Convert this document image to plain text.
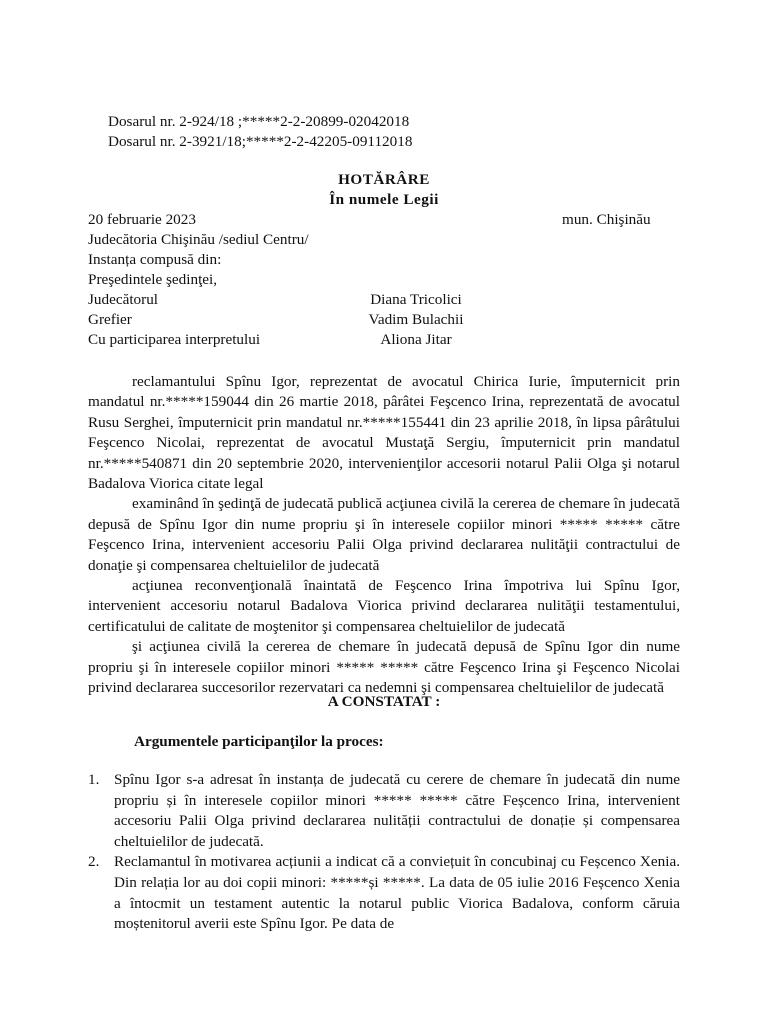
Dosarul nr. 2-924/18 ;*****2-2-20899-02042018
Dosarul nr. 2-3921/18;*****2-2-42205-09112018
HOTĂRÂRE
În numele Legii
20 februarie 2023	mun. Chişinău
Judecătoria Chişinău /sediul Centru/
Instanța compusă din:
Preşedintele şedinţei,
Judecătorul	Diana Tricolici
Grefier	Vadim Bulachii
Cu participarea interpretului	Aliona Jitar

reclamantului Spînu Igor, reprezentat de avocatul Chirica Iurie, împuternicit prin mandatul nr.*****159044 din 26 martie 2018, pârâtei Feşcenco Irina, reprezentată de avocatul Rusu Serghei, împuternicit prin mandatul nr.*****155441 din 23 aprilie 2018, în lipsa pârâtului Feşcenco Nicolai, reprezentat de avocatul Mustaţă Sergiu, împuternicit prin mandatul nr.*****540871 din 20 septembrie 2020, intervenienţilor accesorii notarul Palii Olga şi notarul Badalova Viorica citate legal

examinând în şedinţă de judecată publică acţiunea civilă la cererea de chemare în judecată depusă de Spînu Igor din nume propriu şi în interesele copiilor minori ***** ***** către Feşcenco Irina, intervenient accesoriu Palii Olga privind declararea nulităţii contractului de donaţie şi compensarea cheltuielilor de judecată

acţiunea reconvenţională înaintată de Feşcenco Irina împotriva lui Spînu Igor, intervenient accesoriu notarul Badalova Viorica privind declararea nulităţii testamentului, certificatului de calitate de moştenitor şi compensarea cheltuielilor de judecată

şi acţiunea civilă la cererea de chemare în judecată depusă de Spînu Igor din nume propriu şi în interesele copiilor minori ***** ***** către Feşcenco Irina şi Feşcenco Nicolai privind declararea succesorilor rezervatari ca nedemni şi compensarea cheltuielilor de judecată

A CONSTATAT :
Argumentele participanţilor la proces:
1. Spînu Igor s-a adresat în instanța de judecată cu cerere de chemare în judecată din nume propriu și în interesele copiilor minori ***** ***** către Feșcenco Irina, intervenient accesoriu Palii Olga privind declararea nulității contractului de donație și compensarea cheltuielilor de judecată.
2. Reclamantul în motivarea acțiunii a indicat că a conviețuit în concubinaj cu Feșcenco Xenia. Din relația lor au doi copii minori: *****și *****. La data de 05 iulie 2016 Feșcenco Xenia a întocmit un testament autentic la notarul public Viorica Badalova, conform căruia moștenitorul averii este Spînu Igor. Pe data de
